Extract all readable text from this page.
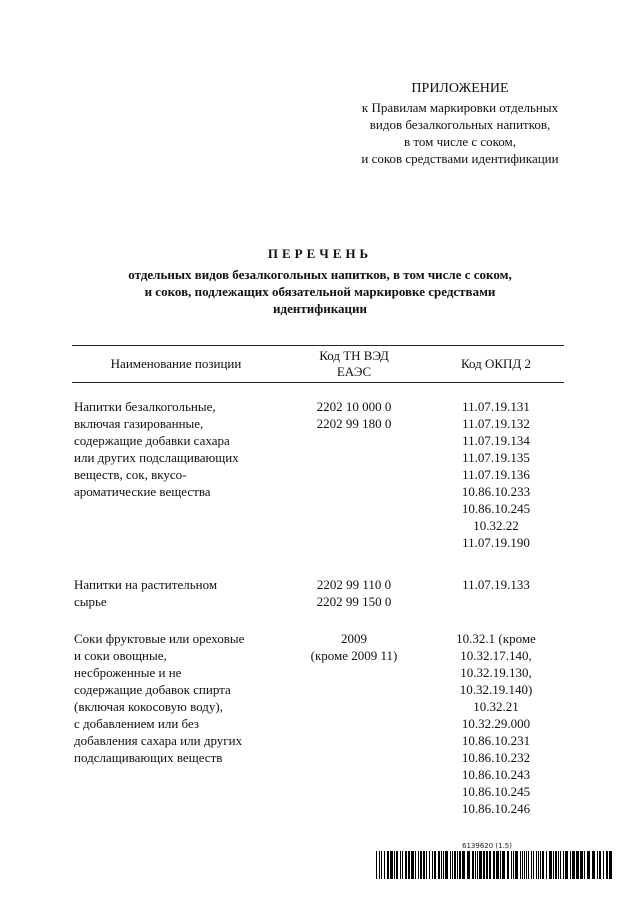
ПРИЛОЖЕНИЕ
к Правилам маркировки отдельных
видов безалкогольных напитков,
в том числе с соком,
и соков средствами идентификации
ПЕРЕЧЕНЬ
отдельных видов безалкогольных напитков, в том числе с соком,
и соков, подлежащих обязательной маркировке средствами
идентификации
Наименование позиции
Код ТН ВЭД
ЕАЭС
Код ОКПД 2
Напитки безалкогольные,
включая газированные,
содержащие добавки сахара
или других подслащивающих
веществ, сок, вкусо-
ароматические вещества
2202 10 000 0
2202 99 180 0
11.07.19.131
11.07.19.132
11.07.19.134
11.07.19.135
11.07.19.136
10.86.10.233
10.86.10.245
10.32.22
11.07.19.190
Напитки на растительном
сырье
2202 99 110 0
2202 99 150 0
11.07.19.133
Соки фруктовые или ореховые
и соки овощные,
несброженные и не
содержащие добавок спирта
(включая кокосовую воду),
с добавлением или без
добавления сахара или других
подслащивающих веществ
2009
(кроме 2009 11)
10.32.1 (кроме
10.32.17.140,
10.32.19.130,
10.32.19.140)
10.32.21
10.32.29.000
10.86.10.231
10.86.10.232
10.86.10.243
10.86.10.245
10.86.10.246
6139620 (1.5)
